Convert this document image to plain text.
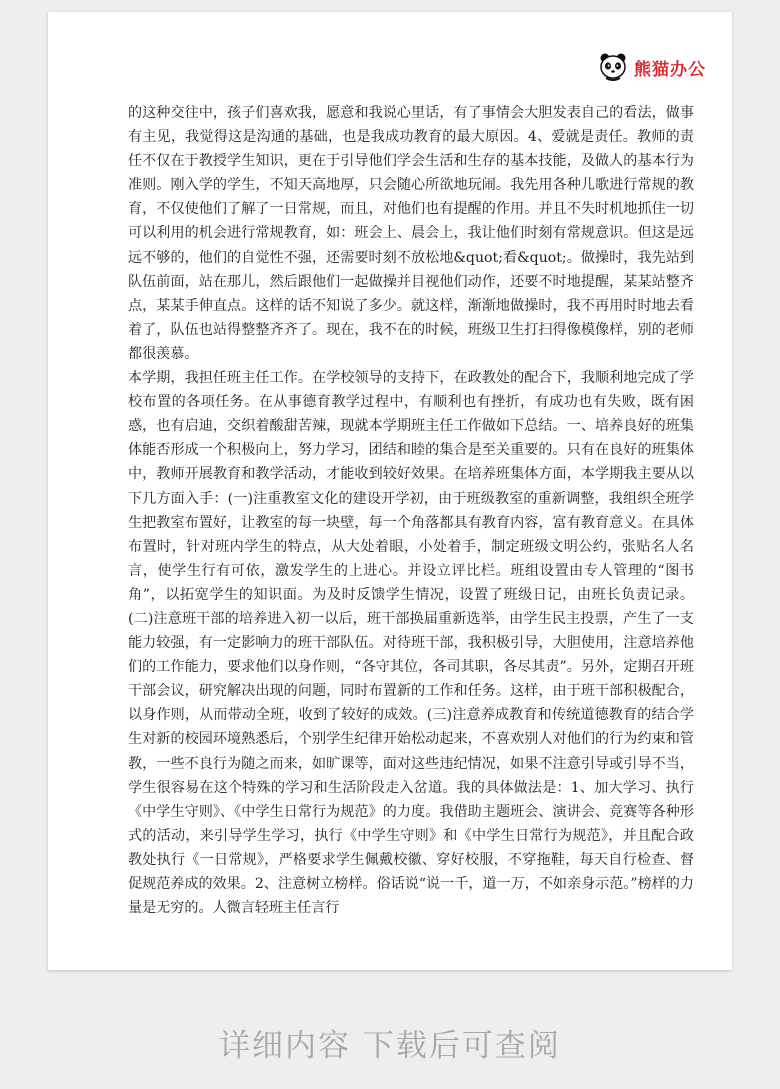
熊猫办公

的这种交往中，孩子们喜欢我，愿意和我说心里话，有了事情会大胆发表自己的看法，做事有主见，我觉得这是沟通的基础，也是我成功教育的最大原因。4、爱就是责任。教师的责任不仅在于教授学生知识，更在于引导他们学会生活和生存的基本技能，及做人的基本行为准则。刚入学的学生，不知天高地厚，只会随心所欲地玩闹。我先用各种儿歌进行常规的教育，不仅使他们了解了一日常规，而且，对他们也有提醒的作用。并且不失时机地抓住一切可以利用的机会进行常规教育，如：班会上、晨会上，我让他们时刻有常规意识。但这是远远不够的，他们的自觉性不强，还需要时刻不放松地&quot;看&quot;。做操时，我先站到队伍前面，站在那儿，然后跟他们一起做操并目视他们动作，还要不时地提醒，某某站整齐点，某某手伸直点。这样的话不知说了多少。就这样，渐渐地做操时，我不再用时时地去看着了，队伍也站得整整齐齐了。现在，我不在的时候，班级卫生打扫得像模像样，别的老师都很羡慕。

本学期，我担任班主任工作。在学校领导的支持下，在政教处的配合下，我顺利地完成了学校布置的各项任务。在从事德育教学过程中，有顺利也有挫折，有成功也有失败，既有困惑，也有启迪，交织着酸甜苦辣，现就本学期班主任工作做如下总结。一、培养良好的班集体能否形成一个积极向上，努力学习，团结和睦的集合是至关重要的。只有在良好的班集体中，教师开展教育和教学活动，才能收到较好效果。在培养班集体方面，本学期我主要从以下几方面入手：(一)注重教室文化的建设开学初，由于班级教室的重新调整，我组织全班学生把教室布置好，让教室的每一块壁，每一个角落都具有教育内容，富有教育意义。在具体布置时，针对班内学生的特点，从大处着眼，小处着手，制定班级文明公约，张贴名人名言，使学生行有可依，激发学生的上进心。并设立评比栏。班组设置由专人管理的“图书角”，以拓宽学生的知识面。为及时反馈学生情况，设置了班级日记，由班长负责记录。(二)注意班干部的培养进入初一以后，班干部换届重新选举，由学生民主投票，产生了一支能力较强，有一定影响力的班干部队伍。对待班干部，我积极引导，大胆使用，注意培养他们的工作能力，要求他们以身作则，“各守其位，各司其职，各尽其责”。另外，定期召开班干部会议，研究解决出现的问题，同时布置新的工作和任务。这样，由于班干部积极配合，以身作则，从而带动全班，收到了较好的成效。(三)注意养成教育和传统道德教育的结合学生对新的校园环境熟悉后，个别学生纪律开始松动起来，不喜欢别人对他们的行为约束和管教，一些不良行为随之而来，如旷课等，面对这些违纪情况，如果不注意引导或引导不当，学生很容易在这个特殊的学习和生活阶段走入岔道。我的具体做法是：1、加大学习、执行《中学生守则》、《中学生日常行为规范》的力度。我借助主题班会、演讲会、竞赛等各种形式的活动，来引导学生学习，执行《中学生守则》和《中学生日常行为规范》，并且配合政教处执行《一日常规》，严格要求学生佩戴校徽、穿好校服，不穿拖鞋，每天自行检查、督促规范养成的效果。2、注意树立榜样。俗话说“说一千，道一万，不如亲身示范。”榜样的力量是无穷的。人微言轻班主任言行

详细内容 下载后可查阅
